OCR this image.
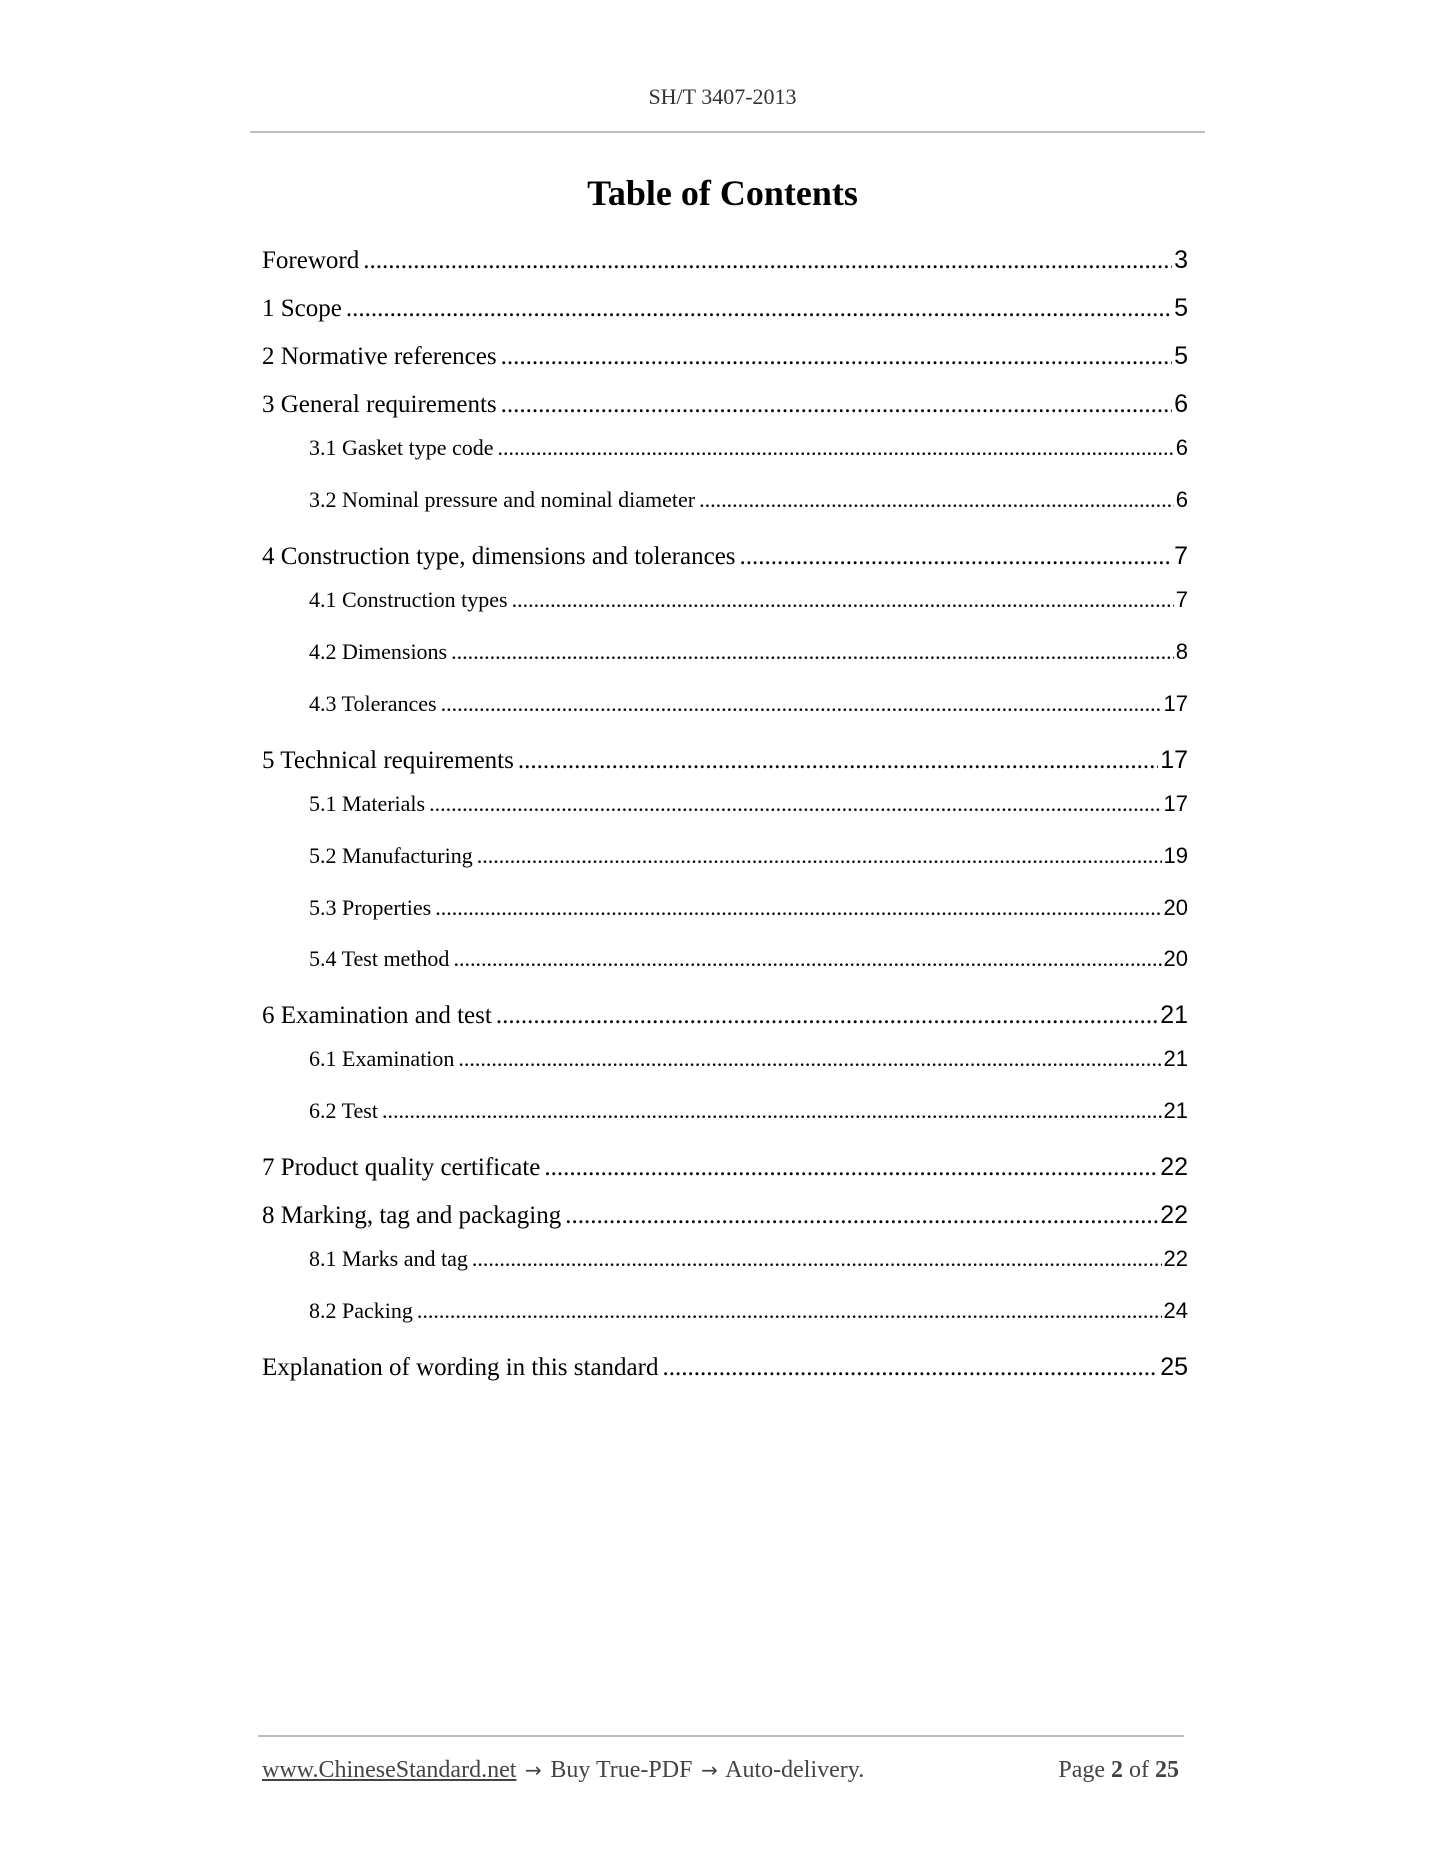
SH/T 3407-2013
Table of Contents
Foreword .....	3
1 Scope .....	5
2 Normative references .....	5
3 General requirements .....	6
3.1 Gasket type code .....	6
3.2 Nominal pressure and nominal diameter .....	6
4 Construction type, dimensions and tolerances .....	7
4.1 Construction types .....	7
4.2 Dimensions .....	8
4.3 Tolerances .....	17
5 Technical requirements .....	17
5.1 Materials .....	17
5.2 Manufacturing .....	19
5.3 Properties .....	20
5.4 Test method .....	20
6 Examination and test .....	21
6.1 Examination .....	21
6.2 Test .....	21
7 Product quality certificate .....	22
8 Marking, tag and packaging .....	22
8.1 Marks and tag .....	22
8.2 Packing .....	24
Explanation of wording in this standard .....	25
www.ChineseStandard.net → Buy True-PDF → Auto-delivery.	Page 2 of 25
